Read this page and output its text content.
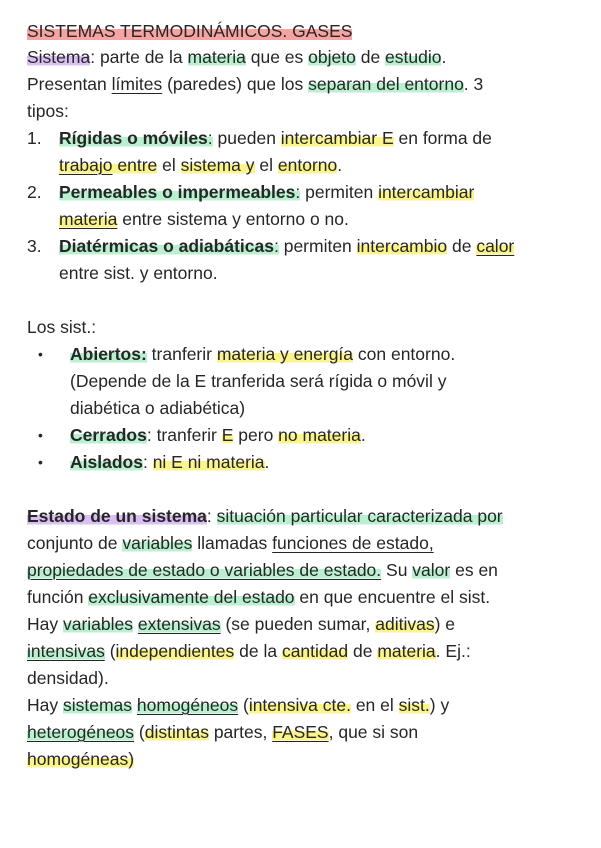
SISTEMAS TERMODINÁMICOS. GASES
Sistema: parte de la materia que es objeto de estudio.
Presentan límites (paredes) que los separan del entorno. 3
tipos:
1. Rígidas o móviles: pueden intercambiar E en forma de
trabajo entre el sistema y el entorno.
2. Permeables o impermeables: permiten intercambiar
materia entre sistema y entorno o no.
3. Diatérmicas o adiabáticas: permiten intercambio de calor
entre sist. y entorno.
Los sist.:
• Abiertos: tranferir materia y energía con entorno.
(Depende de la E tranferida será rígida o móvil y
diabética o adiabética)
• Cerrados: tranferir E pero no materia.
• Aislados: ni E ni materia.
Estado de un sistema: situación particular caracterizada por
conjunto de variables llamadas funciones de estado,
propiedades de estado o variables de estado. Su valor es en
función exclusivamente del estado en que encuentre el sist.
Hay variables extensivas (se pueden sumar, aditivas) e
intensivas (independientes de la cantidad de materia. Ej.:
densidad).
Hay sistemas homogéneos (intensiva cte. en el sist.) y
heterogéneos (distintas partes, FASES, que si son
homogéneas)
